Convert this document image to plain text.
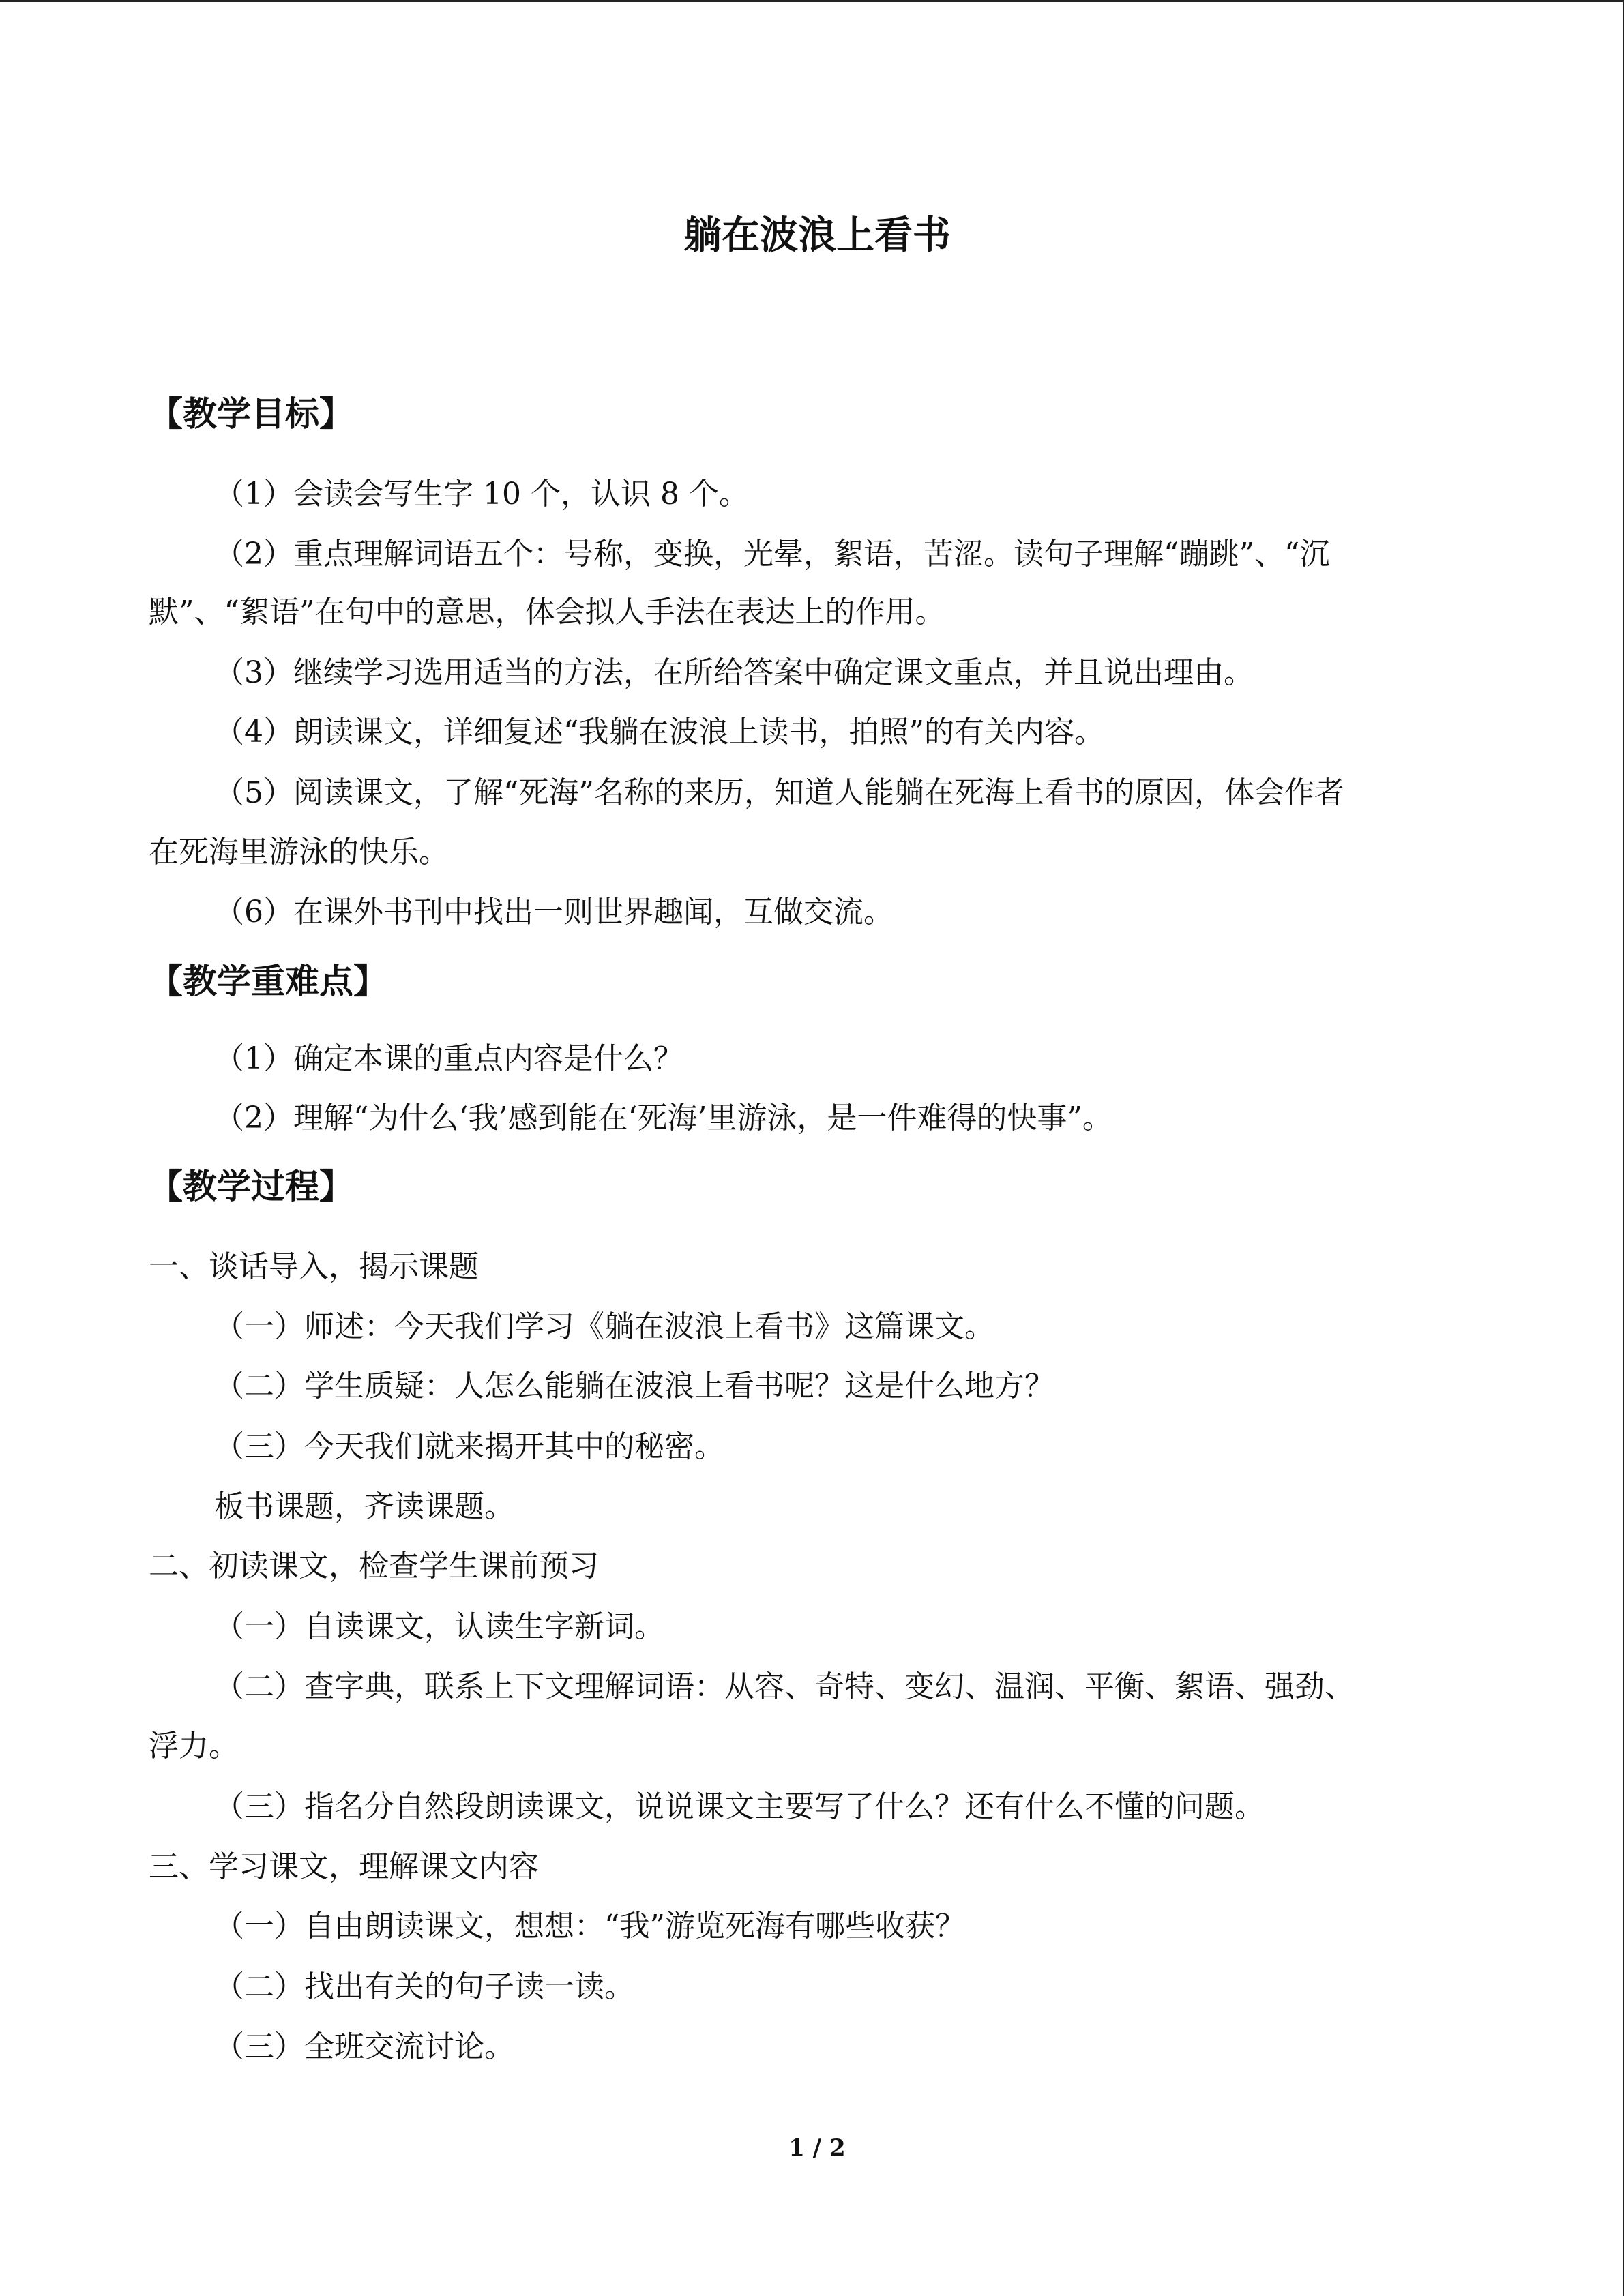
躺在波浪上看书
【教学目标】
（1）会读会写生字 10 个，认识 8 个。
（2）重点理解词语五个：号称，变换，光晕，絮语，苦涩。读句子理解“蹦跳”、“沉
默”、“絮语”在句中的意思，体会拟人手法在表达上的作用。
（3）继续学习选用适当的方法，在所给答案中确定课文重点，并且说出理由。
（4）朗读课文，详细复述“我躺在波浪上读书，拍照”的有关内容。
（5）阅读课文，了解“死海”名称的来历，知道人能躺在死海上看书的原因，体会作者
在死海里游泳的快乐。
（6）在课外书刊中找出一则世界趣闻，互做交流。
【教学重难点】
（1）确定本课的重点内容是什么？
（2）理解“为什么‘我’感到能在‘死海’里游泳，是一件难得的快事”。
【教学过程】
一、谈话导入，揭示课题
（一）师述：今天我们学习《躺在波浪上看书》这篇课文。
（二）学生质疑：人怎么能躺在波浪上看书呢？这是什么地方？
（三）今天我们就来揭开其中的秘密。
板书课题，齐读课题。
二、初读课文，检查学生课前预习
（一）自读课文，认读生字新词。
（二）查字典，联系上下文理解词语：从容、奇特、变幻、温润、平衡、絮语、强劲、
浮力。
（三）指名分自然段朗读课文，说说课文主要写了什么？还有什么不懂的问题。
三、学习课文，理解课文内容
（一）自由朗读课文，想想：“我”游览死海有哪些收获？
（二）找出有关的句子读一读。
（三）全班交流讨论。
1 / 2
